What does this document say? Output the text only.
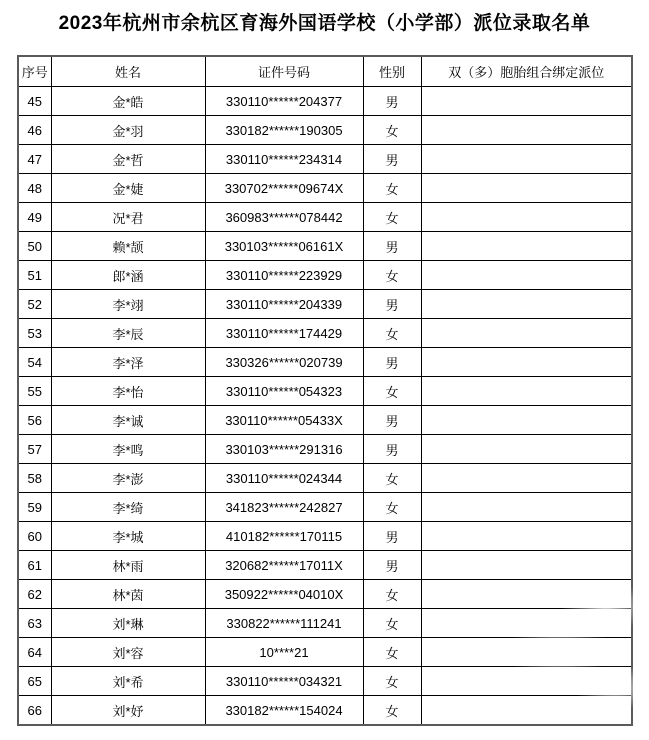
2023年杭州市余杭区育海外国语学校（小学部）派位录取名单
序号	姓名	证件号码	性别	双（多）胞胎组合绑定派位
45	金*皓	330110******204377	男	
46	金*羽	330182******190305	女	
47	金*哲	330110******234314	男	
48	金*婕	330702******09674X	女	
49	况*君	360983******078442	女	
50	赖*颉	330103******06161X	男	
51	郎*涵	330110******223929	女	
52	李*翊	330110******204339	男	
53	李*辰	330110******174429	女	
54	李*泽	330326******020739	男	
55	李*怡	330110******054323	女	
56	李*诚	330110******05433X	男	
57	李*鸣	330103******291316	男	
58	李*澎	330110******024344	女	
59	李*绮	341823******242827	女	
60	李*城	410182******170115	男	
61	林*雨	320682******17011X	男	
62	林*茵	350922******04010X	女	
63	刘*琳	330822******111241	女	
64	刘*容	10****21	女	
65	刘*希	330110******034321	女	
66	刘*妤	330182******154024	女	
